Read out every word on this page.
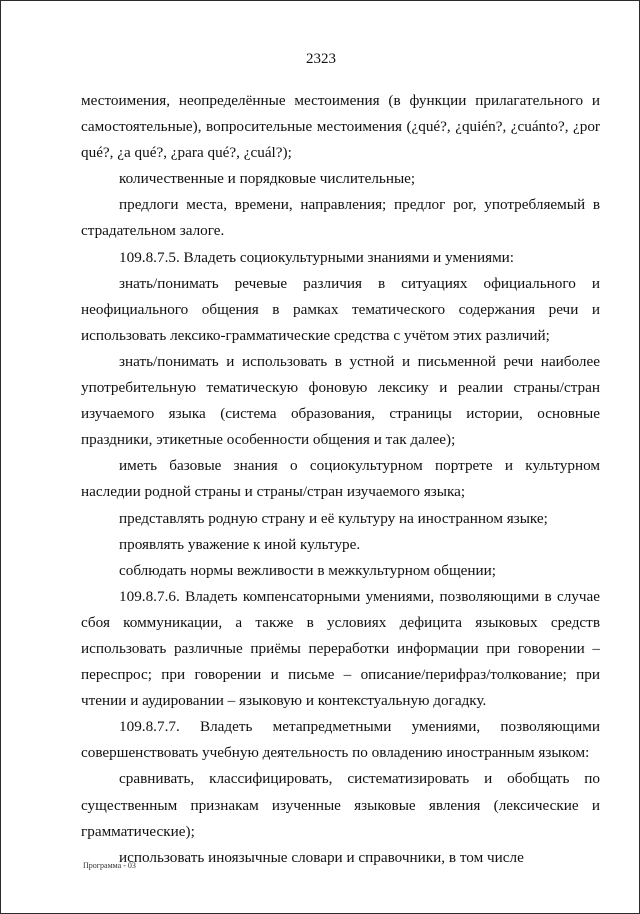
2323

местоимения, неопределённые местоимения (в функции прилагательного и самостоятельные), вопросительные местоимения (¿qué?, ¿quién?, ¿cuánto?, ¿por qué?, ¿a qué?, ¿para qué?, ¿cuál?);

количественные и порядковые числительные;

предлоги места, времени, направления; предлог por, употребляемый в страдательном залоге.

109.8.7.5. Владеть социокультурными знаниями и умениями:

знать/понимать речевые различия в ситуациях официального и неофициального общения в рамках тематического содержания речи и использовать лексико-грамматические средства с учётом этих различий;

знать/понимать и использовать в устной и письменной речи наиболее употребительную тематическую фоновую лексику и реалии страны/стран изучаемого языка (система образования, страницы истории, основные праздники, этикетные особенности общения и так далее);

иметь базовые знания о социокультурном портрете и культурном наследии родной страны и страны/стран изучаемого языка;

представлять родную страну и её культуру на иностранном языке;

проявлять уважение к иной культуре.

соблюдать нормы вежливости в межкультурном общении;

109.8.7.6. Владеть компенсаторными умениями, позволяющими в случае сбоя коммуникации, а также в условиях дефицита языковых средств использовать различные приёмы переработки информации при говорении – переспрос; при говорении и письме – описание/перифраз/толкование; при чтении и аудировании – языковую и контекстуальную догадку.

109.8.7.7. Владеть метапредметными умениями, позволяющими совершенствовать учебную деятельность по овладению иностранным языком:

сравнивать, классифицировать, систематизировать и обобщать по существенным признакам изученные языковые явления (лексические и грамматические);

использовать иноязычные словари и справочники, в том числе

Программа - 03
